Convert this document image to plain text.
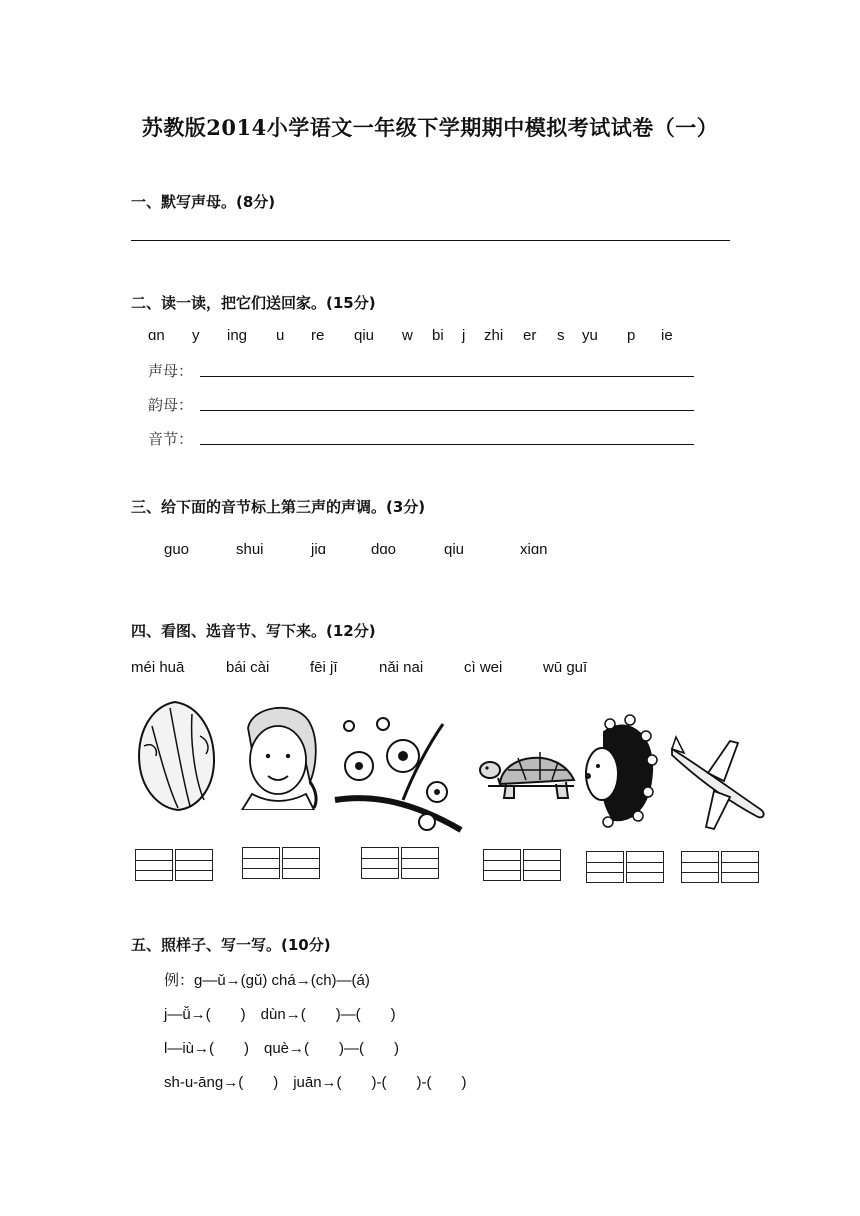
苏教版2014小学语文一年级下学期期中模拟考试试卷（一）
一、默写声母。(8分)
二、读一读，把它们送回家。(15分)
ɑn y ing u re qiu w bi j zhi er s yu p ie
声母：
韵母：
音节：
三、给下面的音节标上第三声的声调。(3分)
guo	shui	jiɑ	dɑo	qiu	xiɑn
四、看图、选音节、写下来。(12分)
méi huā	bái cài	fēi jī	nǎi nai	cì wei	wū guī
五、照样子、写一写。(10分)
例：g—ǔ→(gǔ) chá→(ch)—(á)
j—ǚ→(　　)　dùn→(　　)—(　　)
l—iù→(　　)　què→(　　)—(　　)
sh-u-āng→(　　)　juān→(　　)-(　　)-(　　)
